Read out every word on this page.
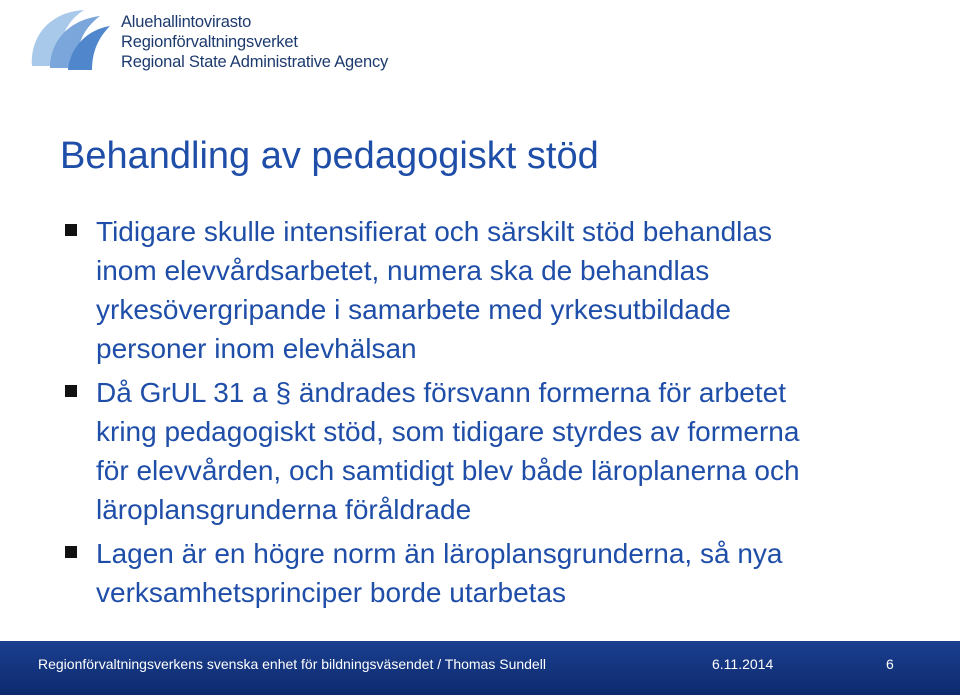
Aluehallintovirasto
Regionförvaltningsverket
Regional State Administrative Agency
Behandling av pedagogiskt stöd
Tidigare skulle intensifierat och särskilt stöd behandlas
inom elevvårdsarbetet, numera ska de behandlas
yrkesövergripande i samarbete med yrkesutbildade
personer inom elevhälsan
Då GrUL 31 a § ändrades försvann formerna för arbetet
kring pedagogiskt stöd, som tidigare styrdes av formerna
för elevvården, och samtidigt blev både läroplanerna och
läroplansgrunderna föråldrade
Lagen är en högre norm än läroplansgrunderna, så nya
verksamhetsprinciper borde utarbetas
Regionförvaltningsverkens svenska enhet för bildningsväsendet / Thomas Sundell	6.11.2014	6
